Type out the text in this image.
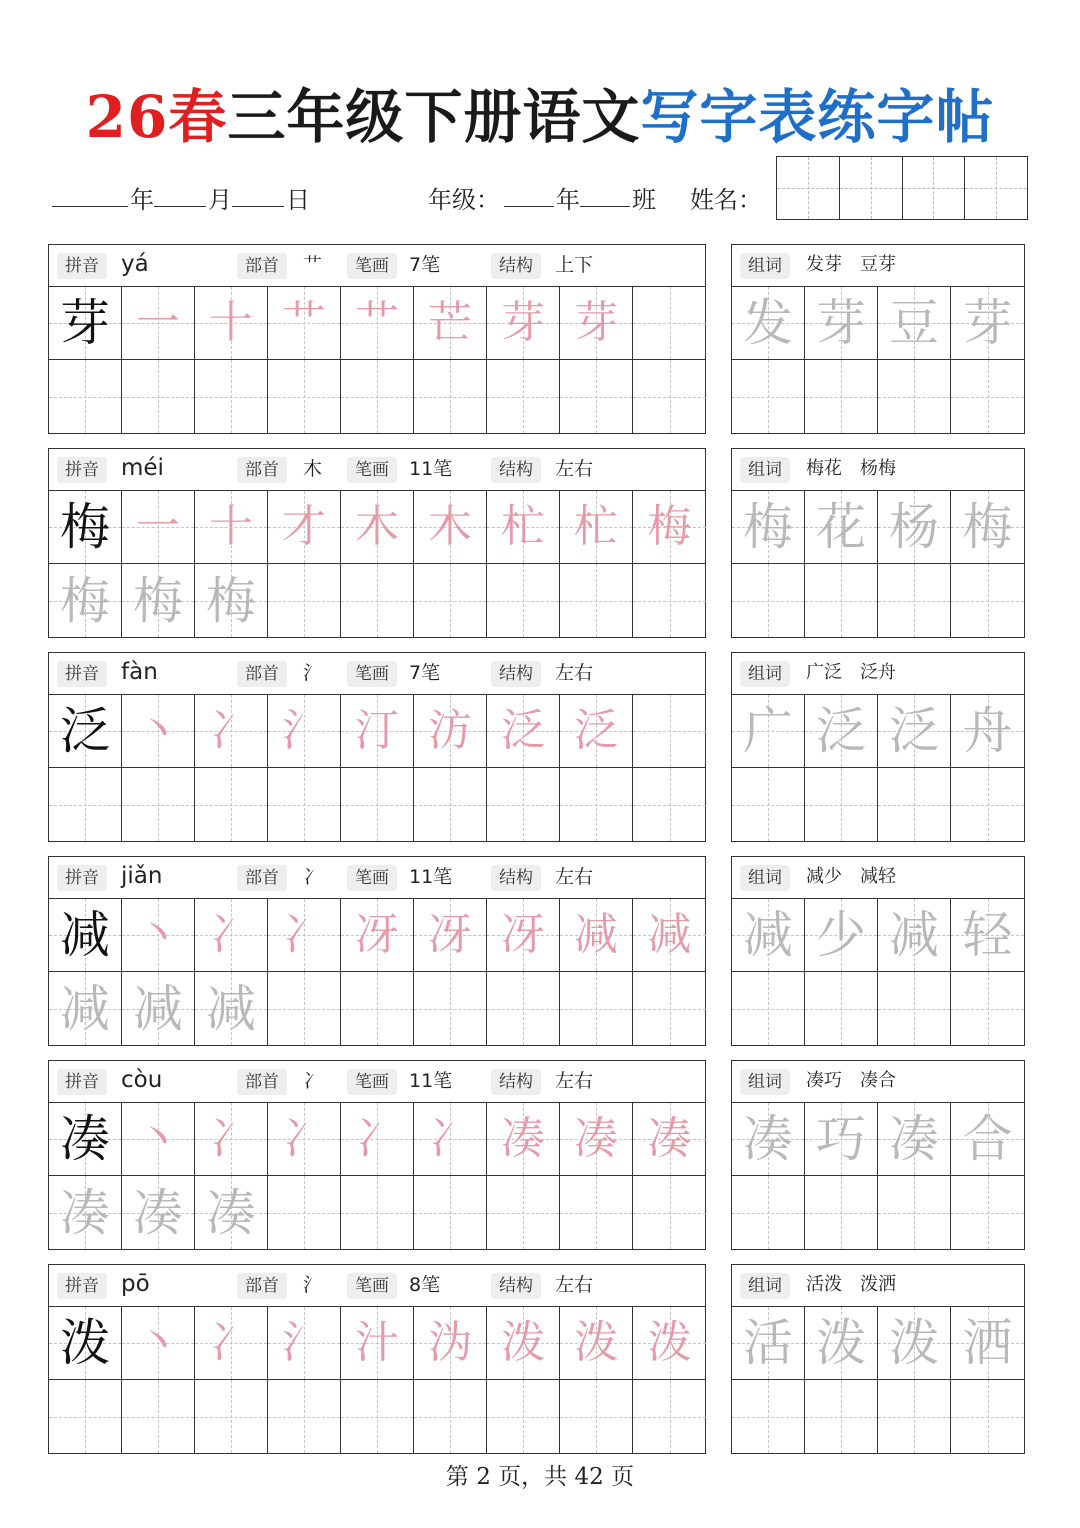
26春三年级下册语文写字表练字帖
年 月 日	年级： 年 班 姓名：
拼音 yá	部首	艹	笔画	7笔	结构	上下
芽 一 十 艹 艹 芒 芽 芽
组词	发芽　豆芽
发 芽 豆 芽
拼音 méi	部首	木	笔画	11笔	结构	左右
梅 一 十 才 木 木 杧 杧 梅
梅 梅 梅
组词	梅花　杨梅
梅 花 杨 梅
拼音 fàn	部首	氵	笔画	7笔	结构	左右
泛 丶 冫 氵 汀 汸 泛 泛
组词	广泛　泛舟
广 泛 泛 舟
拼音 jiǎn	部首	冫	笔画	11笔	结构	左右
减 丶 冫 冫 冴 冴 冴 减 减
减 减 减
组词	减少　减轻
减 少 减 轻
拼音 còu	部首	冫	笔画	11笔	结构	左右
凑 丶 冫 冫 冫 冫 凑 凑 凑
凑 凑 凑
组词	凑巧　凑合
凑 巧 凑 合
拼音 pō	部首	氵	笔画	8笔	结构	左右
泼 丶 冫 氵 汁 沩 泼 泼 泼
组词	活泼　泼洒
活 泼 泼 洒
第 2 页，共 42 页
